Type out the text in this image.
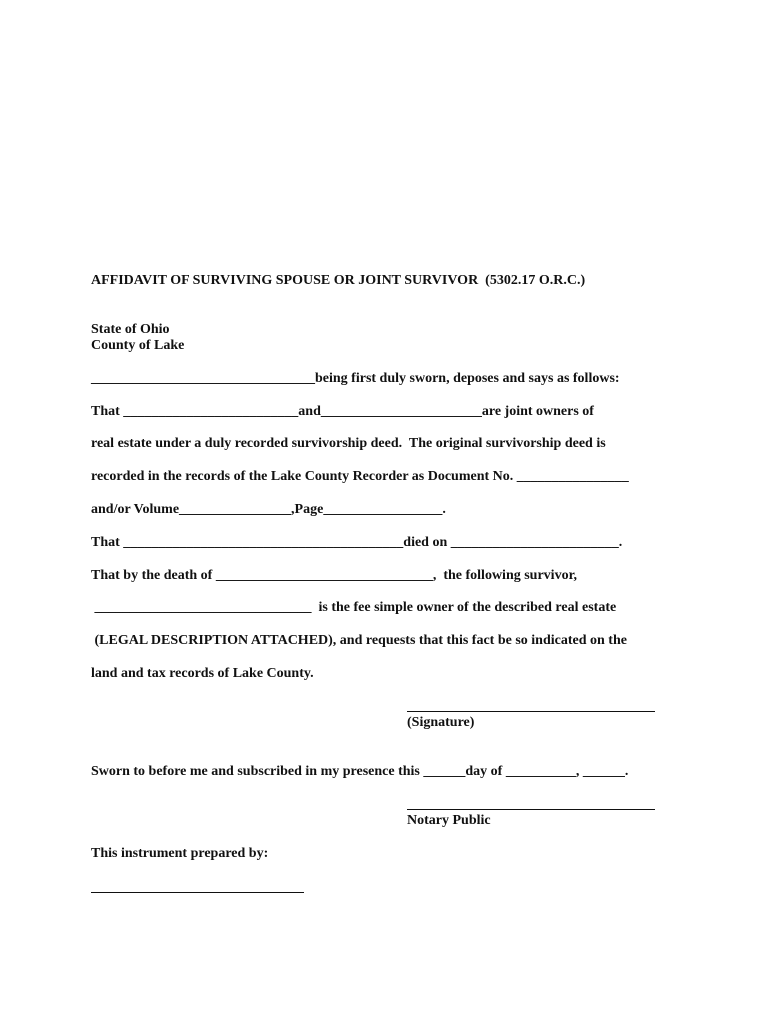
AFFIDAVIT OF SURVIVING SPOUSE OR JOINT SURVIVOR  (5302.17 O.R.C.)
State of Ohio
County of Lake
________________________________being first duly sworn, deposes and says as follows:
That _________________________and_______________________are joint owners of
real estate under a duly recorded survivorship deed.  The original survivorship deed is
recorded in the records of the Lake County Recorder as Document No. ________________
and/or Volume________________,Page_________________.
That ________________________________________died on ________________________.
That by the death of _______________________________,  the following survivor,
_______________________________  is the fee simple owner of the described real estate
(LEGAL DESCRIPTION ATTACHED), and requests that this fact be so indicated on the
land and tax records of Lake County.
(Signature)
Sworn to before me and subscribed in my presence this ______day of __________, ______.
Notary Public
This instrument prepared by:
